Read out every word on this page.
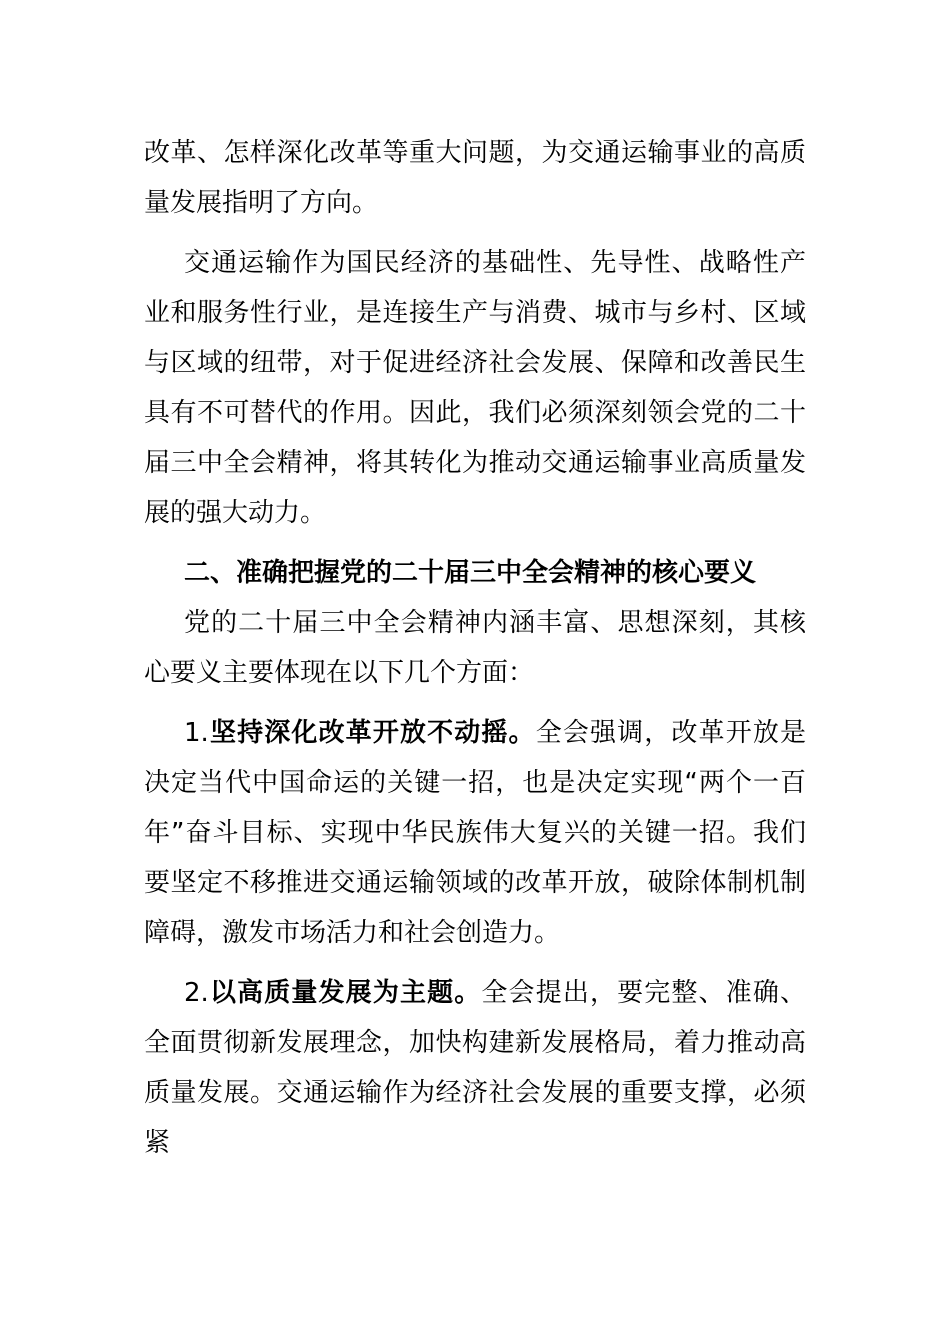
改革、怎样深化改革等重大问题，为交通运输事业的高质量发展指明了方向。

交通运输作为国民经济的基础性、先导性、战略性产业和服务性行业，是连接生产与消费、城市与乡村、区域与区域的纽带，对于促进经济社会发展、保障和改善民生具有不可替代的作用。因此，我们必须深刻领会党的二十届三中全会精神，将其转化为推动交通运输事业高质量发展的强大动力。

二、准确把握党的二十届三中全会精神的核心要义

党的二十届三中全会精神内涵丰富、思想深刻，其核心要义主要体现在以下几个方面：

1.坚持深化改革开放不动摇。全会强调，改革开放是决定当代中国命运的关键一招，也是决定实现“两个一百年”奋斗目标、实现中华民族伟大复兴的关键一招。我们要坚定不移推进交通运输领域的改革开放，破除体制机制障碍，激发市场活力和社会创造力。

2.以高质量发展为主题。全会提出，要完整、准确、全面贯彻新发展理念，加快构建新发展格局，着力推动高质量发展。交通运输作为经济社会发展的重要支撑，必须紧
